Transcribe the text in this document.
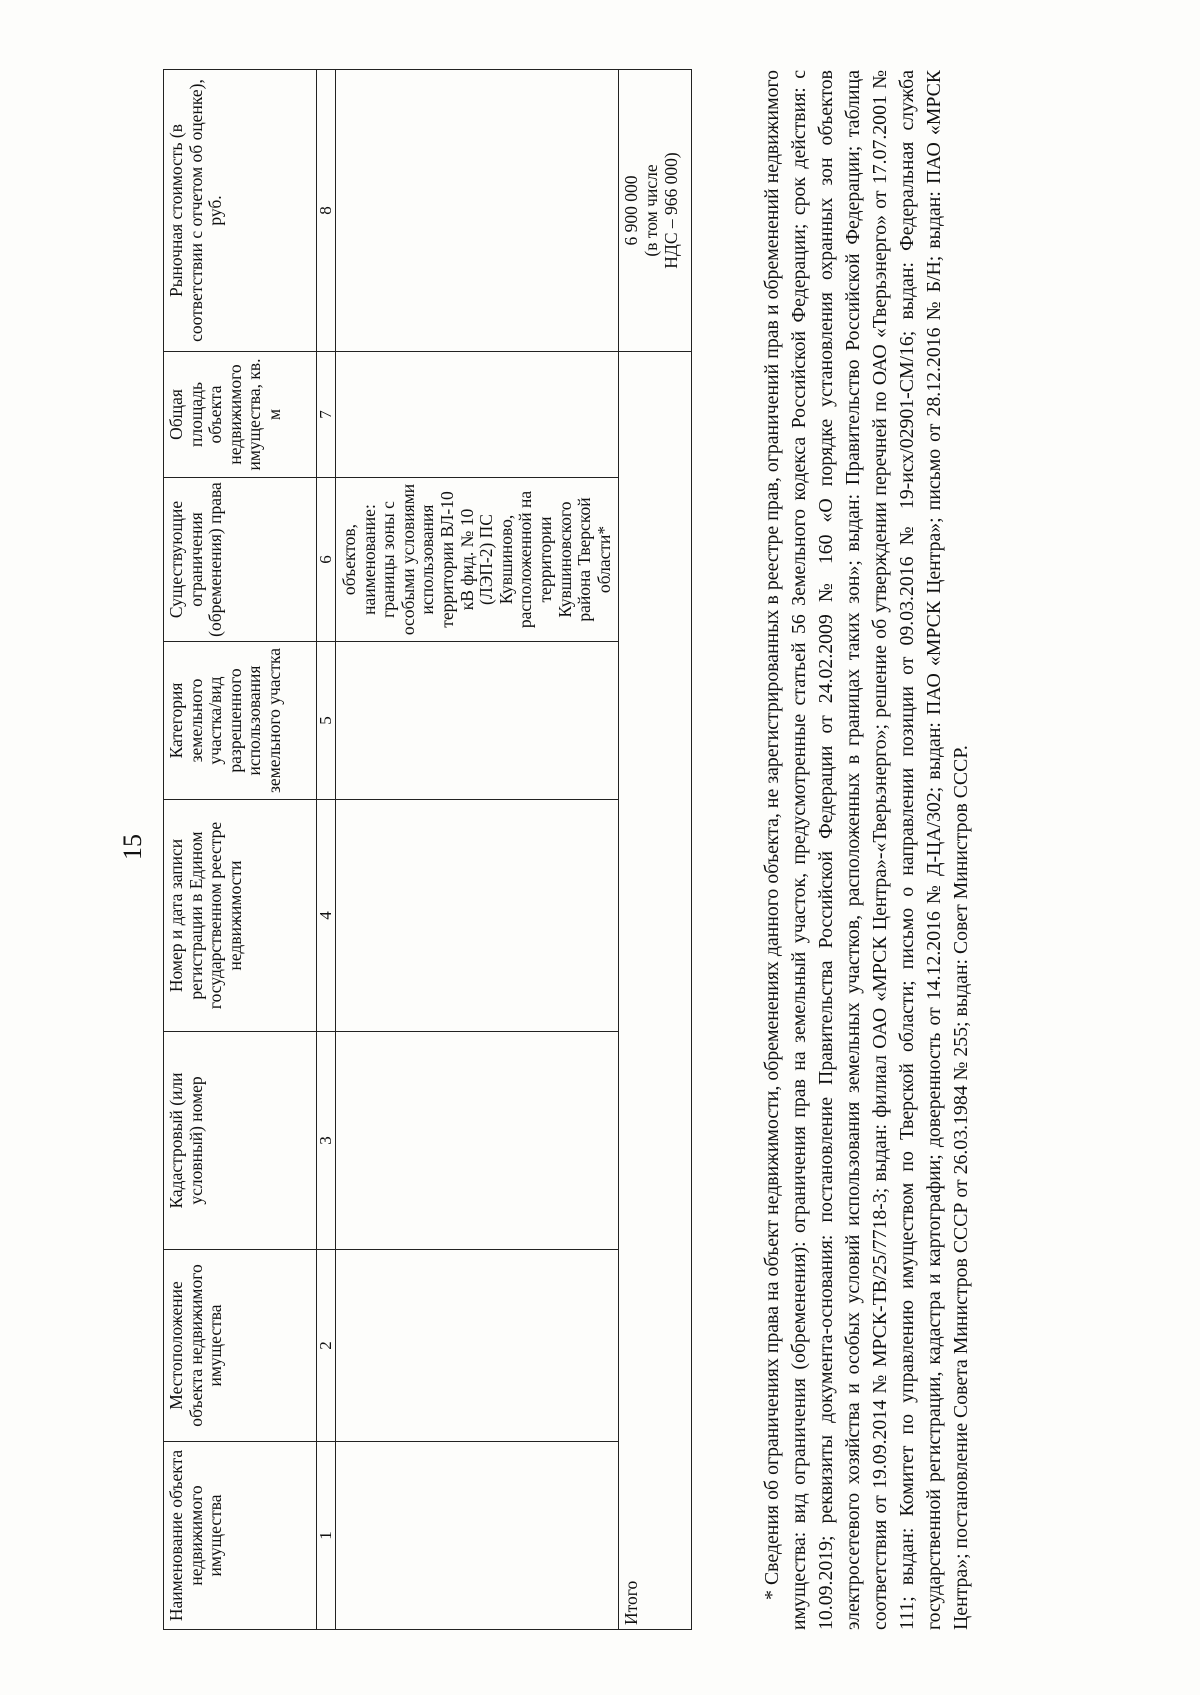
15
Наименование объекта недвижимого имущества	Местоположение объекта недвижимого имущества	Кадастровый (или условный) номер	Номер и дата записи регистрации в Едином государственном реестре недвижимости	Категория земельного участка/вид разрешенного использования земельного участка	Существующие ограничения (обременения) права	Общая площадь объекта недвижимого имущества, кв. м	Рыночная стоимость (в соответствии с отчетом об оценке), руб.
1	2	3	4	5	6	7	8
					объектов, наименование: границы зоны с особыми условиями использования территории ВЛ-10 кВ фид. № 10 (ЛЭП-2) ПС Кувшиново, расположенной на территории Кувшиновского района Тверской области*		
Итого							6 900 000 (в том числе НДС – 966 000)	* Сведения об ограничениях права на объект недвижимости, обременениях данного объекта, не зарегистрированных в реестре прав, ограничений прав и обременений недвижимого имущества: вид ограничения (обременения): ограничения прав на земельный участок, предусмотренные статьей 56 Земельного кодекса Российской Федерации; срок действия: с 10.09.2019; реквизиты документа-основания: постановление Правительства Российской Федерации от 24.02.2009 № 160 «О порядке установления охранных зон объектов электросетевого хозяйства и особых условий использования земельных участков, расположенных в границах таких зон»; выдан: Правительство Российской Федерации; таблица соответствия от 19.09.2014 № МРСК-ТВ/25/7718-3; выдан: филиал ОАО «МРСК Центра»-«Тверьэнерго»; решение об утверждении перечней по ОАО «Тверьэнерго» от 17.07.2001 № 111; выдан: Комитет по управлению имуществом по Тверской области; письмо о направлении позиции от 09.03.2016 № 19-исх/02901-СМ/16; выдан: Федеральная служба государственной регистрации, кадастра и картографии; доверенность от 14.12.2016 № Д-ЦА/302; выдан: ПАО «МРСК Центра»; письмо от 28.12.2016 № Б/Н; выдан: ПАО «МРСК Центра»; постановление Совета Министров СССР от 26.03.1984 № 255; выдан: Совет Министров СССР.
